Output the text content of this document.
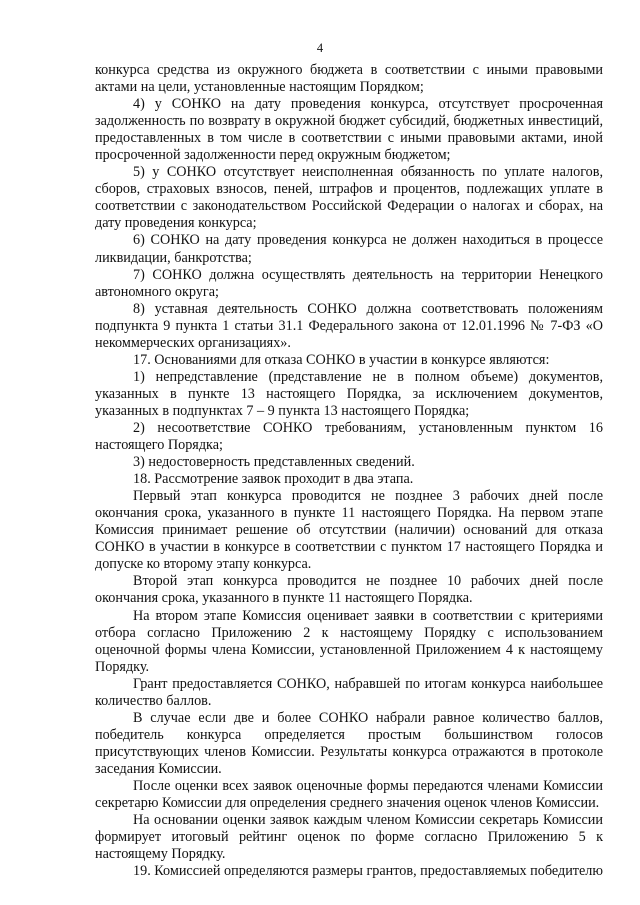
4

конкурса средства из окружного бюджета в соответствии с иными правовыми актами на цели, установленные настоящим Порядком;

4) у СОНКО на дату проведения конкурса, отсутствует просроченная задолженность по возврату в окружной бюджет субсидий, бюджетных инвестиций, предоставленных в том числе в соответствии с иными правовыми актами, иной просроченной задолженности перед окружным бюджетом;

5) у СОНКО отсутствует неисполненная обязанность по уплате налогов, сборов, страховых взносов, пеней, штрафов и процентов, подлежащих уплате в соответствии с законодательством Российской Федерации о налогах и сборах, на дату проведения конкурса;

6) СОНКО на дату проведения конкурса не должен находиться в процессе ликвидации, банкротства;

7) СОНКО должна осуществлять деятельность на территории Ненецкого автономного округа;

8) уставная деятельность СОНКО должна соответствовать положениям подпункта 9 пункта 1 статьи 31.1 Федерального закона от 12.01.1996 № 7-ФЗ «О некоммерческих организациях».

17. Основаниями для отказа СОНКО в участии в конкурсе являются:

1) непредставление (представление не в полном объеме) документов, указанных в пункте 13 настоящего Порядка, за исключением документов, указанных в подпунктах 7 – 9 пункта 13 настоящего Порядка;

2) несоответствие СОНКО требованиям, установленным пунктом 16 настоящего Порядка;

3) недостоверность представленных сведений.

18. Рассмотрение заявок проходит в два этапа.

Первый этап конкурса проводится не позднее 3 рабочих дней после окончания срока, указанного в пункте 11 настоящего Порядка. На первом этапе Комиссия принимает решение об отсутствии (наличии) оснований для отказа СОНКО в участии в конкурсе в соответствии с пунктом 17 настоящего Порядка и допуске ко второму этапу конкурса.

Второй этап конкурса проводится не позднее 10 рабочих дней после окончания срока, указанного в пункте 11 настоящего Порядка.

На втором этапе Комиссия оценивает заявки в соответствии с критериями отбора согласно Приложению 2 к настоящему Порядку с использованием оценочной формы члена Комиссии, установленной Приложением 4 к настоящему Порядку.

Грант предоставляется СОНКО, набравшей по итогам конкурса наибольшее количество баллов.

В случае если две и более СОНКО набрали равное количество баллов, победитель конкурса определяется простым большинством голосов присутствующих членов Комиссии. Результаты конкурса отражаются в протоколе заседания Комиссии.

После оценки всех заявок оценочные формы передаются членами Комиссии секретарю Комиссии для определения среднего значения оценок членов Комиссии.

На основании оценки заявок каждым членом Комиссии секретарь Комиссии формирует итоговый рейтинг оценок по форме согласно Приложению 5 к настоящему Порядку.

19. Комиссией определяются размеры грантов, предоставляемых победителю
